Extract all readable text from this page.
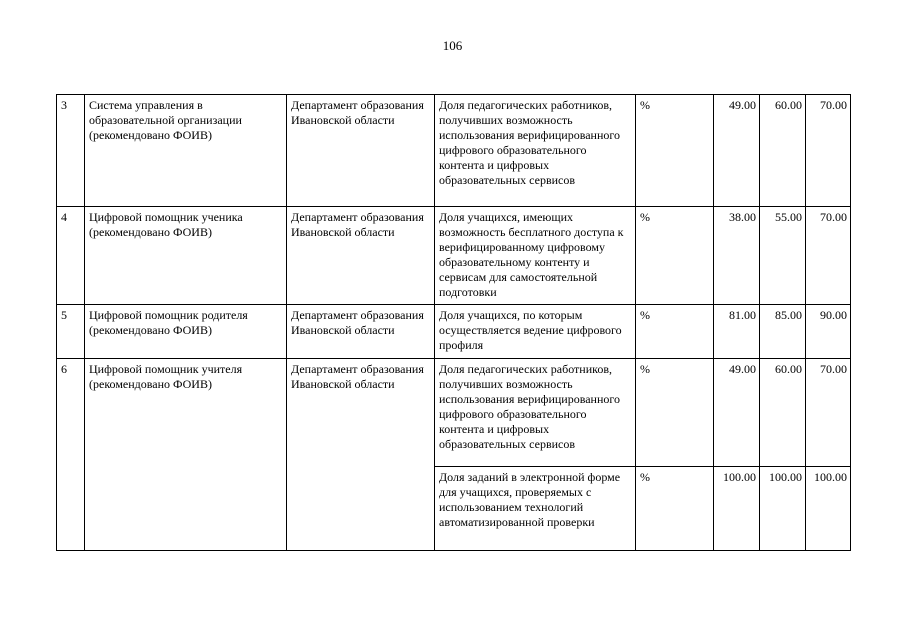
106
3	Система управления в образовательной организации (рекомендовано ФОИВ)	Департамент образования Ивановской области	Доля педагогических работников, получивших возможность использования верифицированного цифрового образовательного контента и цифровых образовательных сервисов	%	49.00	60.00	70.00
4	Цифровой помощник ученика (рекомендовано ФОИВ)	Департамент образования Ивановской области	Доля учащихся, имеющих возможность бесплатного доступа к верифицированному цифровому образовательному контенту и сервисам для самостоятельной подготовки	%	38.00	55.00	70.00
5	Цифровой помощник родителя (рекомендовано ФОИВ)	Департамент образования Ивановской области	Доля учащихся, по которым осуществляется ведение цифрового профиля	%	81.00	85.00	90.00
6	Цифровой помощник учителя (рекомендовано ФОИВ)	Департамент образования Ивановской области	Доля педагогических работников, получивших возможность использования верифицированного цифрового образовательного контента и цифровых образовательных сервисов	%	49.00	60.00	70.00
			Доля заданий в электронной форме для учащихся, проверяемых с использованием технологий автоматизированной проверки	%	100.00	100.00	100.00
